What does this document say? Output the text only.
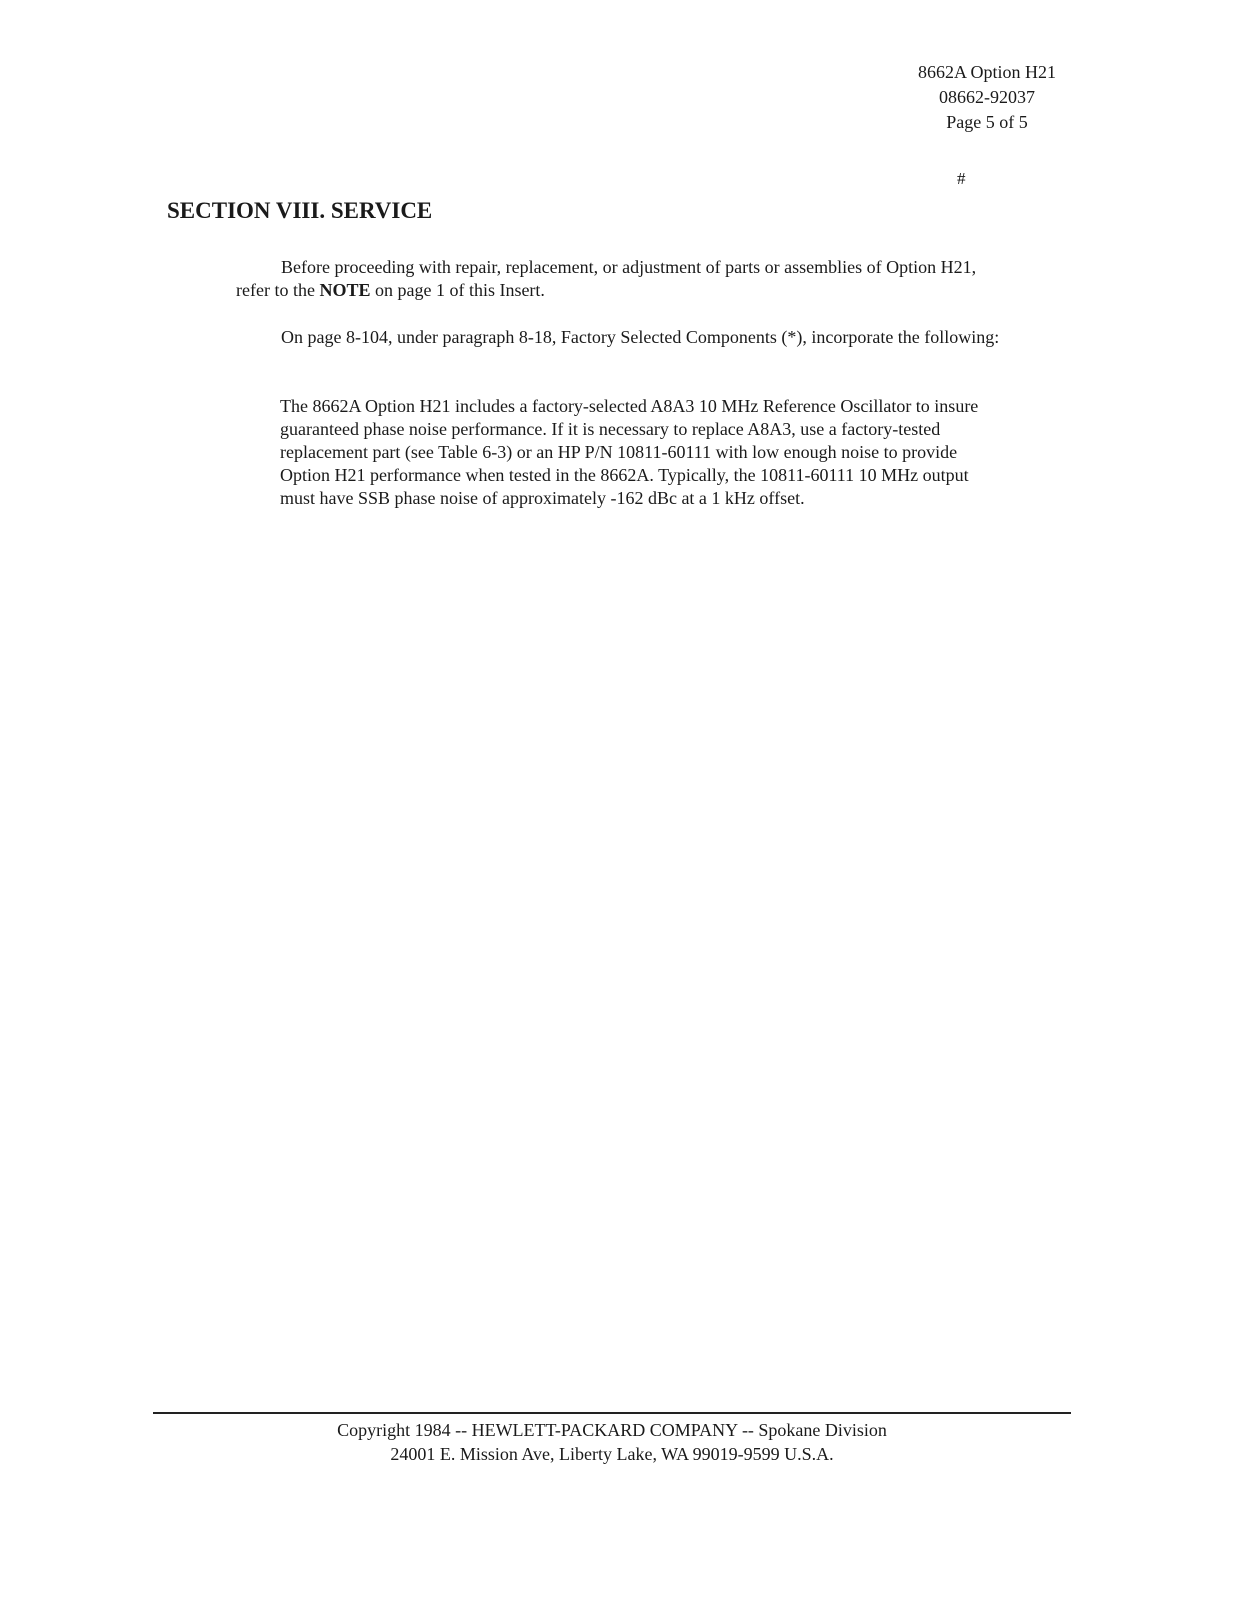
8662A Option H21
08662-92037
Page 5 of 5
#
SECTION VIII. SERVICE

Before proceeding with repair, replacement, or adjustment of parts or assemblies of Option H21, refer to the NOTE on page 1 of this Insert.

On page 8-104, under paragraph 8-18, Factory Selected Components (*), incorporate the following:

The 8662A Option H21 includes a factory-selected A8A3 10 MHz Reference Oscillator to insure guaranteed phase noise performance. If it is necessary to replace A8A3, use a factory-tested replacement part (see Table 6-3) or an HP P/N 10811-60111 with low enough noise to provide Option H21 performance when tested in the 8662A. Typically, the 10811-60111 10 MHz output must have SSB phase noise of approximately -162 dBc at a 1 kHz offset.

Copyright 1984 -- HEWLETT-PACKARD COMPANY -- Spokane Division
24001 E. Mission Ave, Liberty Lake, WA 99019-9599 U.S.A.
